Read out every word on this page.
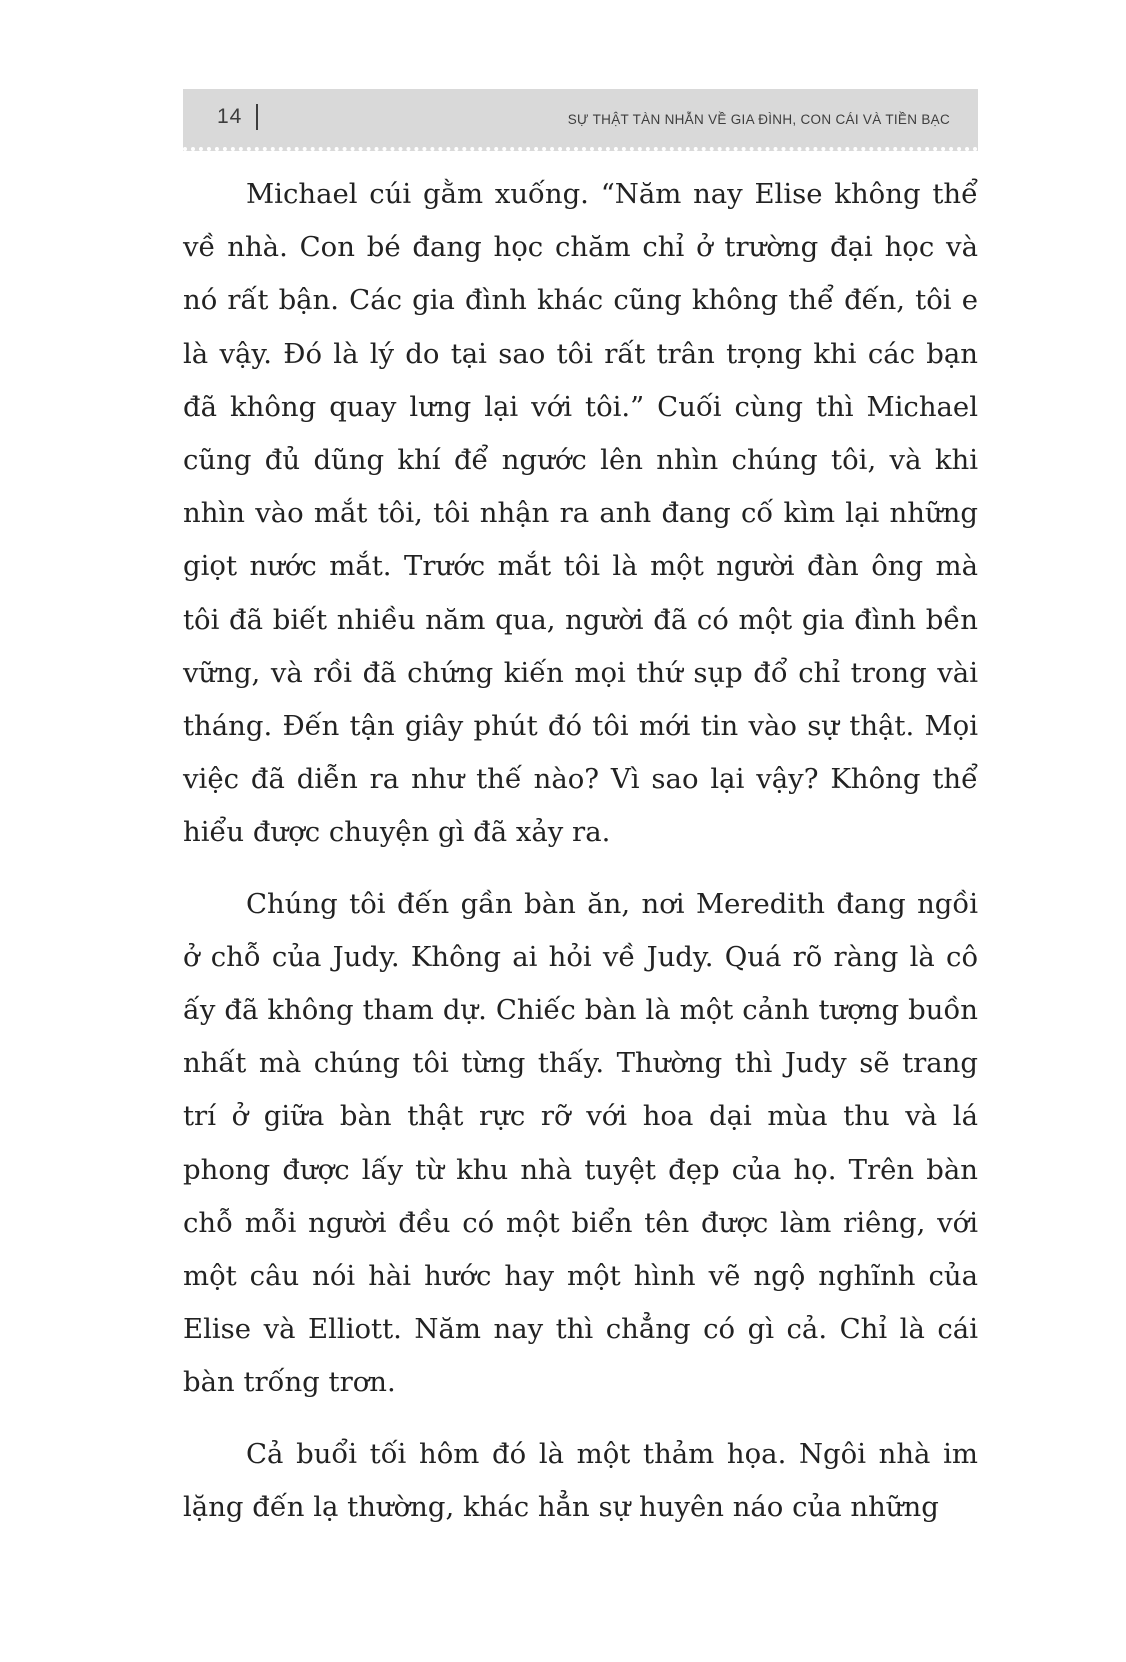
14	SỰ THẬT TÀN NHẪN VỀ GIA ĐÌNH, CON CÁI VÀ TIỀN BẠC

Michael cúi gằm xuống. “Năm nay Elise không thể về nhà. Con bé đang học chăm chỉ ở trường đại học và nó rất bận. Các gia đình khác cũng không thể đến, tôi e là vậy. Đó là lý do tại sao tôi rất trân trọng khi các bạn đã không quay lưng lại với tôi.” Cuối cùng thì Michael cũng đủ dũng khí để ngước lên nhìn chúng tôi, và khi nhìn vào mắt tôi, tôi nhận ra anh đang cố kìm lại những giọt nước mắt. Trước mắt tôi là một người đàn ông mà tôi đã biết nhiều năm qua, người đã có một gia đình bền vững, và rồi đã chứng kiến mọi thứ sụp đổ chỉ trong vài tháng. Đến tận giây phút đó tôi mới tin vào sự thật. Mọi việc đã diễn ra như thế nào? Vì sao lại vậy? Không thể hiểu được chuyện gì đã xảy ra.

Chúng tôi đến gần bàn ăn, nơi Meredith đang ngồi ở chỗ của Judy. Không ai hỏi về Judy. Quá rõ ràng là cô ấy đã không tham dự. Chiếc bàn là một cảnh tượng buồn nhất mà chúng tôi từng thấy. Thường thì Judy sẽ trang trí ở giữa bàn thật rực rỡ với hoa dại mùa thu và lá phong được lấy từ khu nhà tuyệt đẹp của họ. Trên bàn chỗ mỗi người đều có một biển tên được làm riêng, với một câu nói hài hước hay một hình vẽ ngộ nghĩnh của Elise và Elliott. Năm nay thì chẳng có gì cả. Chỉ là cái bàn trống trơn.

Cả buổi tối hôm đó là một thảm họa. Ngôi nhà im lặng đến lạ thường, khác hẳn sự huyên náo của những
